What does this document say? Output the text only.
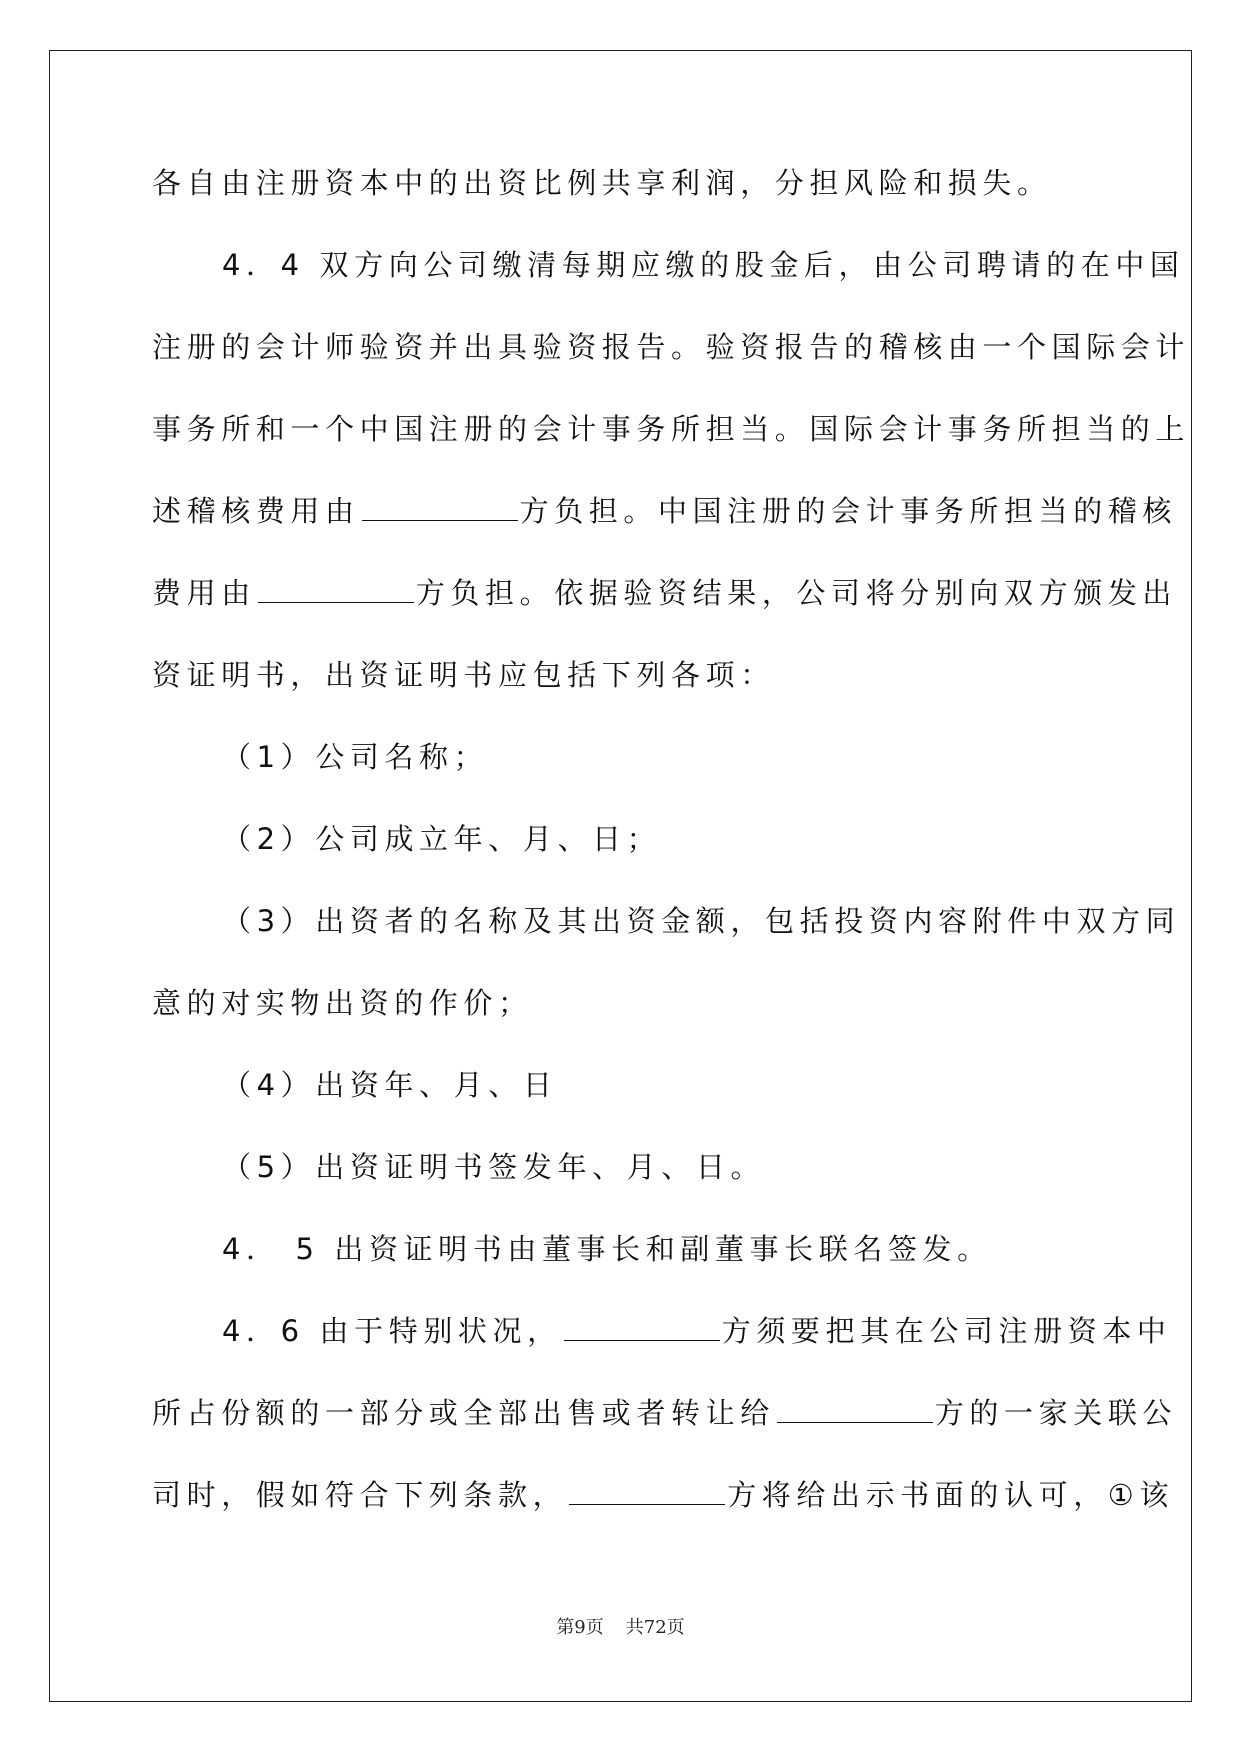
各自由注册资本中的出资比例共享利润，分担风险和损失。
4．4 双方向公司缴清每期应缴的股金后，由公司聘请的在中国
注册的会计师验资并出具验资报告。验资报告的稽核由一个国际会计
事务所和一个中国注册的会计事务所担当。国际会计事务所担当的上
述稽核费用由	方负担。中国注册的会计事务所担当的稽核
费用由	方负担。依据验资结果，公司将分别向双方颁发出
资证明书，出资证明书应包括下列各项：
（1）公司名称；
（2）公司成立年、月、日；
（3）出资者的名称及其出资金额，包括投资内容附件中双方同
意的对实物出资的作价；
（4）出资年、月、日
（5）出资证明书签发年、月、日。
4． 5 出资证明书由董事长和副董事长联名签发。
4．6 由于特别状况，	方须要把其在公司注册资本中
所占份额的一部分或全部出售或者转让给	方的一家关联公
司时，假如符合下列条款，	方将给出示书面的认可，①该
第9页 共72页
